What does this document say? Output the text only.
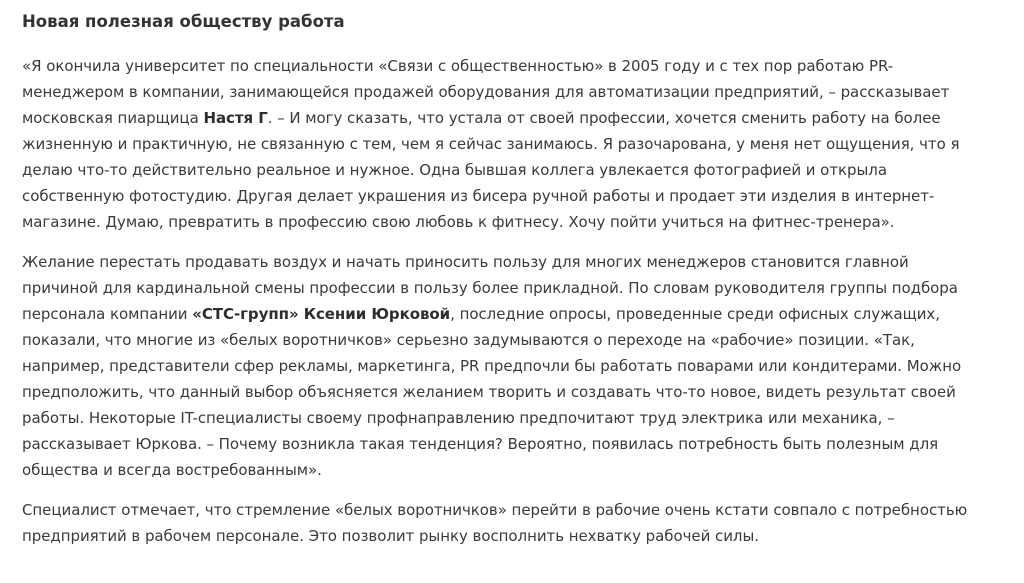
Новая полезная обществу работа

«Я окончила университет по специальности «Связи с общественностью» в 2005 году и с тех пор работаю PR-
менеджером в компании, занимающейся продажей оборудования для автоматизации предприятий, – рассказывает
московская пиарщица Настя Г. – И могу сказать, что устала от своей профессии, хочется сменить работу на более
жизненную и практичную, не связанную с тем, чем я сейчас занимаюсь. Я разочарована, у меня нет ощущения, что я
делаю что-то действительно реальное и нужное. Одна бывшая коллега увлекается фотографией и открыла
собственную фотостудию. Другая делает украшения из бисера ручной работы и продает эти изделия в интернет-
магазине. Думаю, превратить в профессию свою любовь к фитнесу. Хочу пойти учиться на фитнес-тренера».

Желание перестать продавать воздух и начать приносить пользу для многих менеджеров становится главной
причиной для кардинальной смены профессии в пользу более прикладной. По словам руководителя группы подбора
персонала компании «СТС-групп» Ксении Юрковой, последние опросы, проведенные среди офисных служащих,
показали, что многие из «белых воротничков» серьезно задумываются о переходе на «рабочие» позиции. «Так,
например, представители сфер рекламы, маркетинга, PR предпочли бы работать поварами или кондитерами. Можно
предположить, что данный выбор объясняется желанием творить и создавать что-то новое, видеть результат своей
работы. Некоторые IT-специалисты своему профнаправлению предпочитают труд электрика или механика, –
рассказывает Юркова. – Почему возникла такая тенденция? Вероятно, появилась потребность быть полезным для
общества и всегда востребованным».

Специалист отмечает, что стремление «белых воротничков» перейти в рабочие очень кстати совпало с потребностью
предприятий в рабочем персонале. Это позволит рынку восполнить нехватку рабочей силы.
